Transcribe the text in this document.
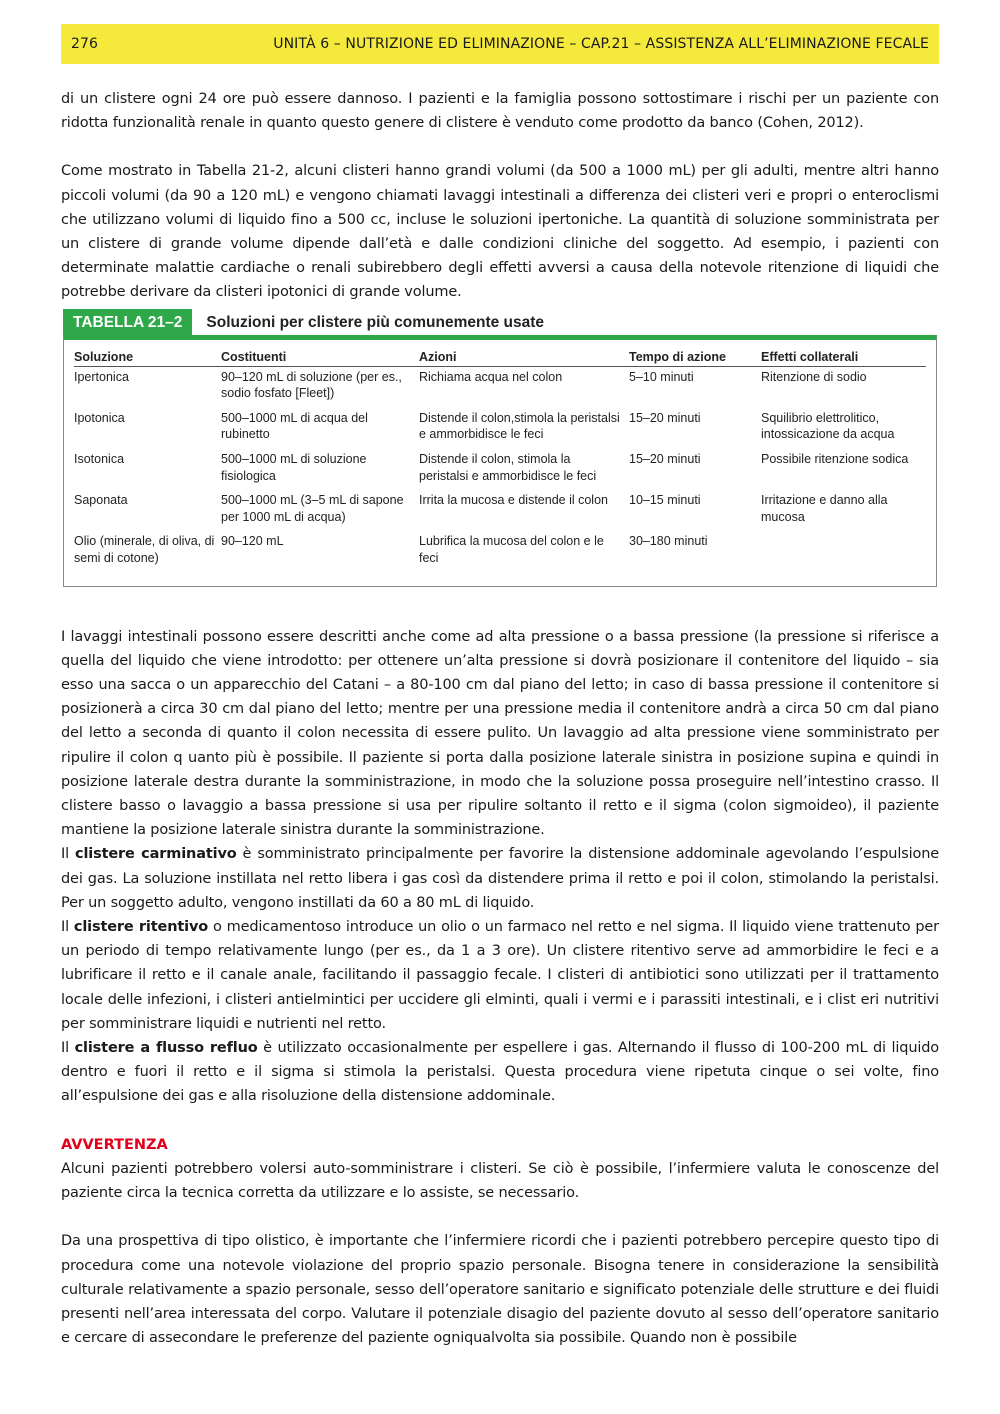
276	UNITÀ 6 – NUTRIZIONE ED ELIMINAZIONE – CAP.21 – ASSISTENZA ALL’ELIMINAZIONE FECALE

di un clistere ogni 24 ore può essere dannoso. I pazienti e la famiglia possono sottostimare i rischi per un paziente con ridotta funzionalità renale in quanto questo genere di clistere è venduto come prodotto da banco (Cohen, 2012).

Come mostrato in Tabella 21-2, alcuni clisteri hanno grandi volumi (da 500 a 1000 mL) per gli adulti, mentre altri hanno piccoli volumi (da 90 a 120 mL) e vengono chiamati lavaggi intestinali a differenza dei clisteri veri e propri o enteroclismi che utilizzano volumi di liquido fino a 500 cc, incluse le soluzioni ipertoniche. La quantità di soluzione somministrata per un clistere di grande volume dipende dall’età e dalle condizioni cliniche del soggetto. Ad esempio, i pazienti con determinate malattie cardiache o renali subirebbero degli effetti avversi a causa della notevole ritenzione di liquidi che potrebbe derivare da clisteri ipotonici di grande volume.

TABELLA 21–2	Soluzioni per clistere più comunemente usate
Soluzione	Costituenti	Azioni	Tempo di azione	Effetti collaterali
Ipertonica	90–120 mL di soluzione (per es., sodio fosfato [Fleet])	Richiama acqua nel colon	5–10 minuti	Ritenzione di sodio
Ipotonica	500–1000 mL di acqua del rubinetto	Distende il colon,stimola la peristalsi e ammorbidisce le feci	15–20 minuti	Squilibrio elettrolitico, intossicazione da acqua
Isotonica	500–1000 mL di soluzione fisiologica	Distende il colon, stimola la peristalsi e ammorbidisce le feci	15–20 minuti	Possibile ritenzione sodica
Saponata	500–1000 mL (3–5 mL di sapone per 1000 mL di acqua)	Irrita la mucosa e distende il colon	10–15 minuti	Irritazione e danno alla mucosa
Olio (minerale, di oliva, di semi di cotone)	90–120 mL	Lubrifica la mucosa del colon e le feci	30–180 minuti	

I lavaggi intestinali possono essere descritti anche come ad alta pressione o a bassa pressione (la pressione si riferisce a quella del liquido che viene introdotto: per ottenere un’alta pressione si dovrà posizionare il contenitore del liquido – sia esso una sacca o un apparecchio del Catani – a 80-100 cm dal piano del letto; in caso di bassa pressione il contenitore si posizionerà a circa 30 cm dal piano del letto; mentre per una pressione media il contenitore andrà a circa 50 cm dal piano del letto a seconda di quanto il colon necessita di essere pulito. Un lavaggio ad alta pressione viene somministrato per ripulire il colon q uanto più è possibile. Il paziente si porta dalla posizione laterale sinistra in posizione supina e quindi in posizione laterale destra durante la somministrazione, in modo che la soluzione possa proseguire nell’intestino crasso. Il clistere basso o lavaggio a bassa pressione si usa per ripulire soltanto il retto e il sigma (colon sigmoideo), il paziente mantiene la posizione laterale sinistra durante la somministrazione.

Il clistere carminativo è somministrato principalmente per favorire la distensione addominale agevolando l’espulsione dei gas. La soluzione instillata nel retto libera i gas così da distendere prima il retto e poi il colon, stimolando la peristalsi. Per un soggetto adulto, vengono instillati da 60 a 80 mL di liquido.

Il clistere ritentivo o medicamentoso introduce un olio o un farmaco nel retto e nel sigma. Il liquido viene trattenuto per un periodo di tempo relativamente lungo (per es., da 1 a 3 ore). Un clistere ritentivo serve ad ammorbidire le feci e a lubrificare il retto e il canale anale, facilitando il passaggio fecale. I clisteri di antibiotici sono utilizzati per il trattamento locale delle infezioni, i clisteri antielmintici per uccidere gli elminti, quali i vermi e i parassiti intestinali, e i clist eri nutritivi per somministrare liquidi e nutrienti nel retto.

Il clistere a flusso refluo è utilizzato occasionalmente per espellere i gas. Alternando il flusso di 100-200 mL di liquido dentro e fuori il retto e il sigma si stimola la peristalsi. Questa procedura viene ripetuta cinque o sei volte, fino all’espulsione dei gas e alla risoluzione della distensione addominale.

AVVERTENZA

Alcuni pazienti potrebbero volersi auto-somministrare i clisteri. Se ciò è possibile, l’infermiere valuta le conoscenze del paziente circa la tecnica corretta da utilizzare e lo assiste, se necessario.

Da una prospettiva di tipo olistico, è importante che l’infermiere ricordi che i pazienti potrebbero percepire questo tipo di procedura come una notevole violazione del proprio spazio personale. Bisogna tenere in considerazione la sensibilità culturale relativamente a spazio personale, sesso dell’operatore sanitario e significato potenziale delle strutture e dei fluidi presenti nell’area interessata del corpo. Valutare il potenziale disagio del paziente dovuto al sesso dell’operatore sanitario e cercare di assecondare le preferenze del paziente ogniqualvolta sia possibile. Quando non è possibile
